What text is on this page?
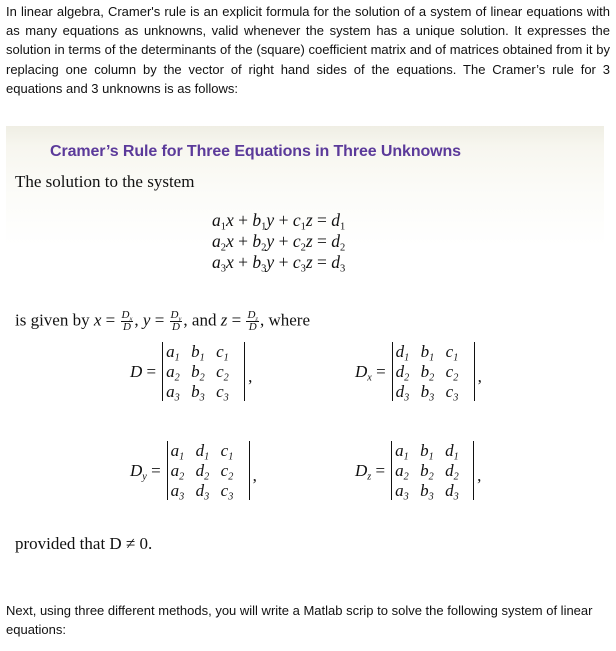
In linear algebra, Cramer's rule is an explicit formula for the solution of a system of linear equations with as many equations as unknowns, valid whenever the system has a unique solution. It expresses the solution in terms of the determinants of the (square) coefficient matrix and of matrices obtained from it by replacing one column by the vector of right hand sides of the equations. The Cramer’s rule for 3 equations and 3 unknowns is as follows:

Cramer’s Rule for Three Equations in Three Unknowns
The solution to the system
$a_1x + b_1y + c_1z = d_1$
$a_2x + b_2y + c_2z = d_2$
$a_3x + b_3y + c_3z = d_3$
is given by $x = \frac{D_x}{D}$ , $y = \frac{D_y}{D}$ , and $z = \frac{D_z}{D}$ , where
D =
$a_1$ $b_1$ $c_1$
$a_2$ $b_2$ $c_2$
$a_3$ $b_3$ $c_3$
,	$D_x$ =
$d_1$ $b_1$ $c_1$
$d_2$ $b_2$ $c_2$
$d_3$ $b_3$ $c_3$
,
$D_y$ =
$a_1$ $d_1$ $c_1$
$a_2$ $d_2$ $c_2$
$a_3$ $d_3$ $c_3$
,	$D_z$ =
$a_1$ $b_1$ $d_1$
$a_2$ $b_2$ $d_2$
$a_3$ $b_3$ $d_3$
,
provided that D ≠ 0.

Next, using three different methods, you will write a Matlab scrip to solve the following system of linear equations:
